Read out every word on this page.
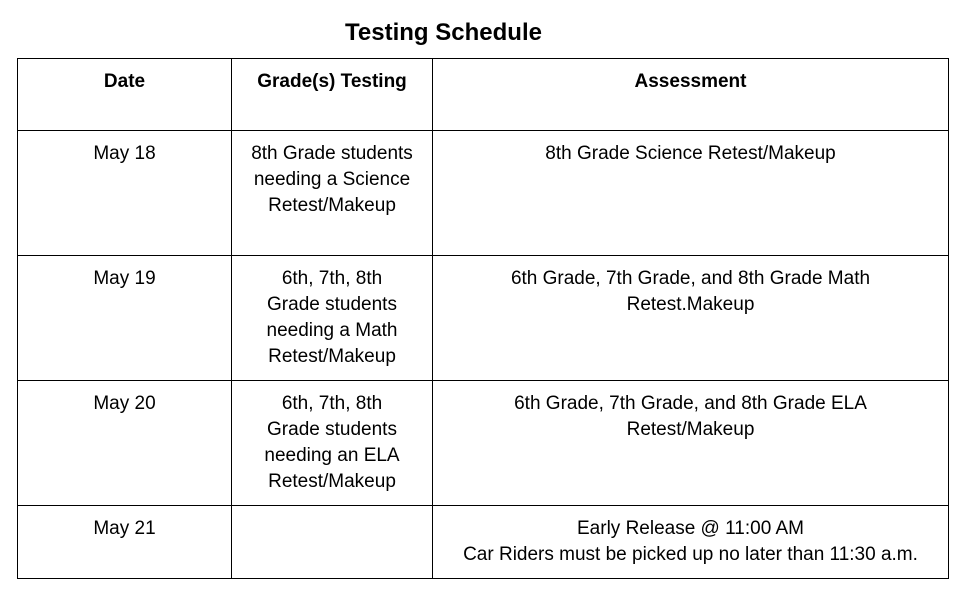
Testing Schedule
Date	Grade(s) Testing	Assessment
May 18	8th Grade students
needing a Science
Retest/Makeup	8th Grade Science Retest/Makeup

May 19	6th, 7th, 8th
Grade students
needing a Math
Retest/Makeup	6th Grade, 7th Grade, and 8th Grade Math
Retest.Makeup

May 20	6th, 7th, 8th
Grade students
needing an ELA
Retest/Makeup	6th Grade, 7th Grade, and 8th Grade ELA
Retest/Makeup

May 21		Early Release @ 11:00 AM
Car Riders must be picked up no later than 11:30 a.m.
